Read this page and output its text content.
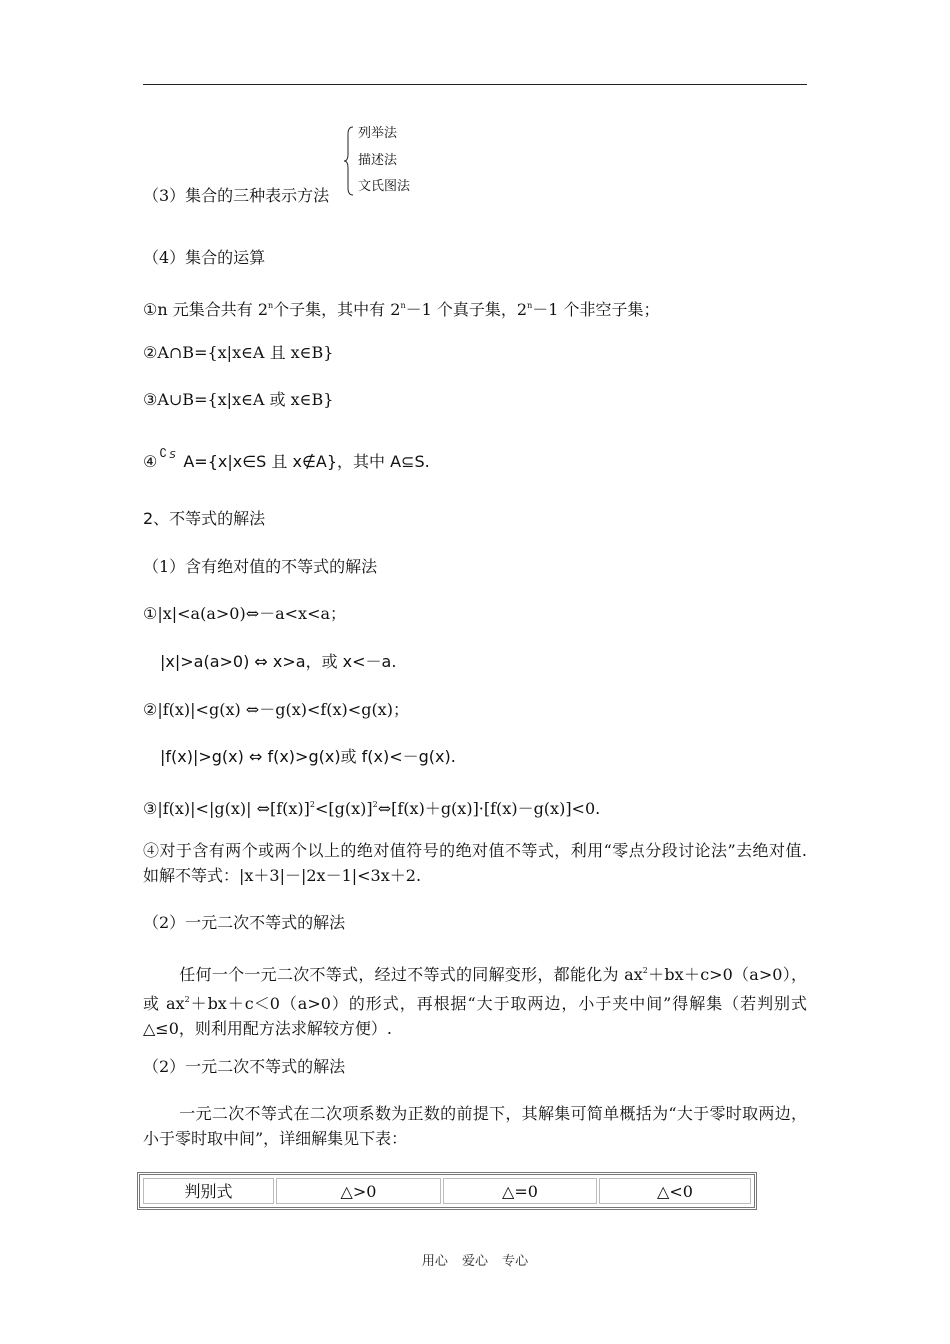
（3）集合的三种表示方法
列举法
描述法
文氏图法
（4）集合的运算
①n 元集合共有 2$^n$个子集，其中有 $2^n-1$ 个真子集，$2^n-1$ 个非空子集；
②A∩B={x|x∈A 且 x∈B}
③A∪B={x|x∈A 或 x∈B}
④ ∁ S A={x|x∈S 且 x∉A}，其中 A⊆S.
2、不等式的解法
（1）含有绝对值的不等式的解法
①|x|<a(a>0)⇔－a<x<a；
|x|>a(a>0) ⇔ x>a，或 x<－a.
②|f(x)|<g(x) ⇔－g(x)<f(x)<g(x)；
|f(x)|>g(x) ⇔ f(x)>g(x)或 f(x)<－g(x).
③|f(x)|<|g(x)| $\Leftrightarrow[f(x)]^2<[g(x)]^2\Leftrightarrow[f(x)+g(x)]\cdot[f(x)-g(x)]<0$.
④对于含有两个或两个以上的绝对值符号的绝对值不等式，利用“零点分段讨论法”去绝对值. 如解不等式：|x＋3|－|2x－1|<3x＋2.
（2）一元二次不等式的解法
任何一个一元二次不等式，经过不等式的同解变形，都能化为 $ax^2+bx+c>0(a>0)$，或 $ax^2+bx+c<0(a>0)$的形式，再根据“大于取两边，小于夹中间”得解集（若判别式△≤0，则利用配方法求解较方便）.
（2）一元二次不等式的解法
一元二次不等式在二次项系数为正数的前提下，其解集可简单概括为“大于零时取两边，小于零时取中间”，详细解集见下表：
判别式	△>0	△=0	△<0
用心 爱心 专心
